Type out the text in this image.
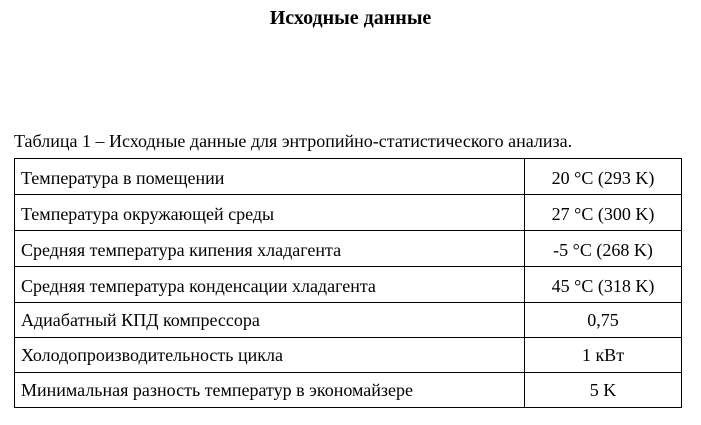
Исходные данные
Таблица 1 – Исходные данные для энтропийно-статистического анализа.
Температура в помещении	20 °C (293 K)
Температура окружающей среды	27 °C (300 K)
Средняя температура кипения хладагента	-5 °C (268 K)
Средняя температура конденсации хладагента	45 °C (318 K)
Адиабатный КПД компрессора	0,75
Холодопроизводительность цикла	1 кВт
Минимальная разность температур в экономайзере	5 K
